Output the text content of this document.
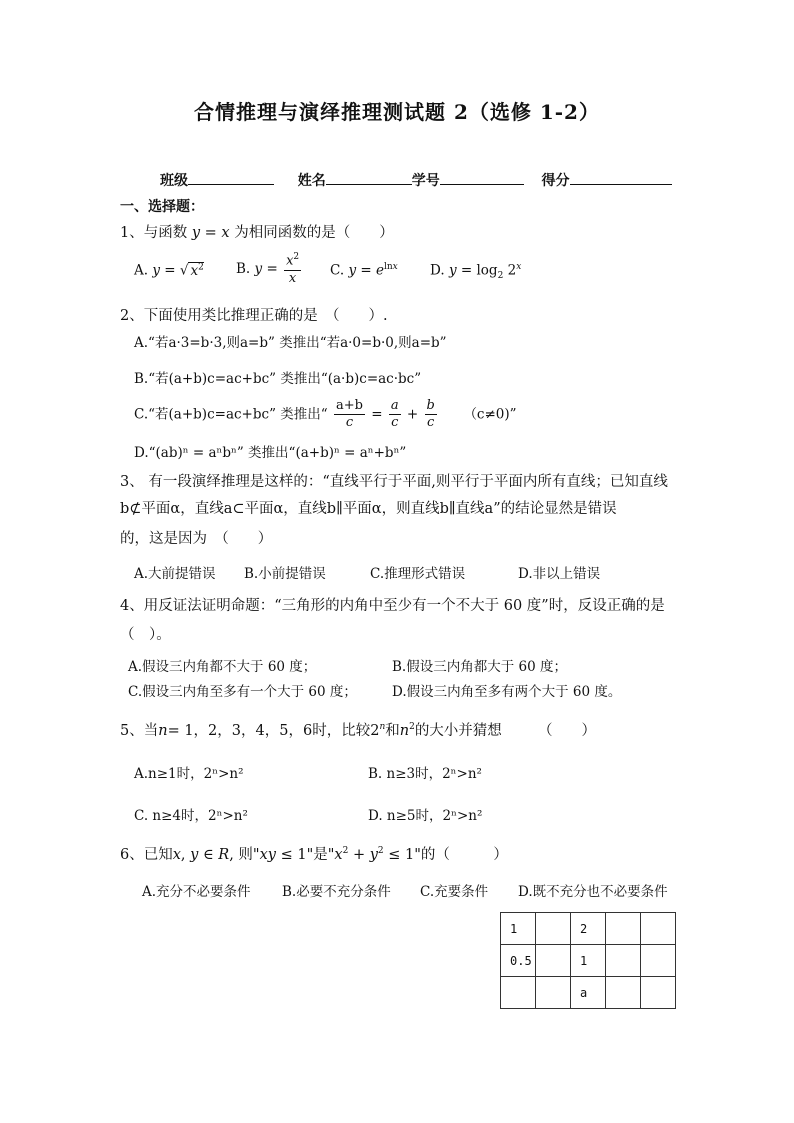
合情推理与演绎推理测试题 2（选修 1-2）
班级	姓名	学号	得分
一、选择题：
1、与函数 y = x 为相同函数的是（　　）
A. y = √ $x^2$ B. $y = \frac{x^2}{x} C$. $y = e^{lnx}$ D. $y = \log_2 2^x$
2、下面使用类比推理正确的是　（　　）.
A.“若a·3=b·3,则a=b” 类推出“若a·0=b·0,则a=b”
B.“若(a+b)c=ac+bc” 类推出“(a·b)c=ac·bc”
C.“若(a+b)c=ac+bc” 类推出“ $\frac{a+b}{c} = \frac{a}{c} + \frac{b}{c} (c\ne 0)$”
D.“(ab)ⁿ = aⁿbⁿ” 类推出“(a+b)ⁿ = aⁿ+bⁿ”
3、 有一段演绎推理是这样的：“直线平行于平面,则平行于平面内所有直线；已知直线
b⊄平面α，直线a⊂平面α，直线b∥平面α，则直线b∥直线a”的结论显然是错误
的，这是因为　（　　）
A.大前提错误 B.小前提错误	C.推理形式错误	D.非以上错误
4、用反证法证明命题：“三角形的内角中至少有一个不大于 60 度”时，反设正确的是
（　）。
A.假设三内角都不大于 60 度；	B.假设三内角都大于 60 度；
C.假设三内角至多有一个大于 60 度；	D.假设三内角至多有两个大于 60 度。
5、当n= 1，2，3，4，5，6时，比较2$^n$和$n^2$的大小并猜想　　　（　　）
A.n≥1时，2ⁿ>n²	B. n≥3时，2ⁿ>n²
C. n≥4时，2ⁿ>n²	D. n≥5时，2ⁿ>n²
6、已知x, y ∈ R, 则"xy ≤ 1"是"$x^2 + y^2 \le 1$"的（　　　）
A.充分不必要条件 B.必要不充分条件 C.充要条件 D.既不充分也不必要条件
1		2		
0.5		1		
		a		
